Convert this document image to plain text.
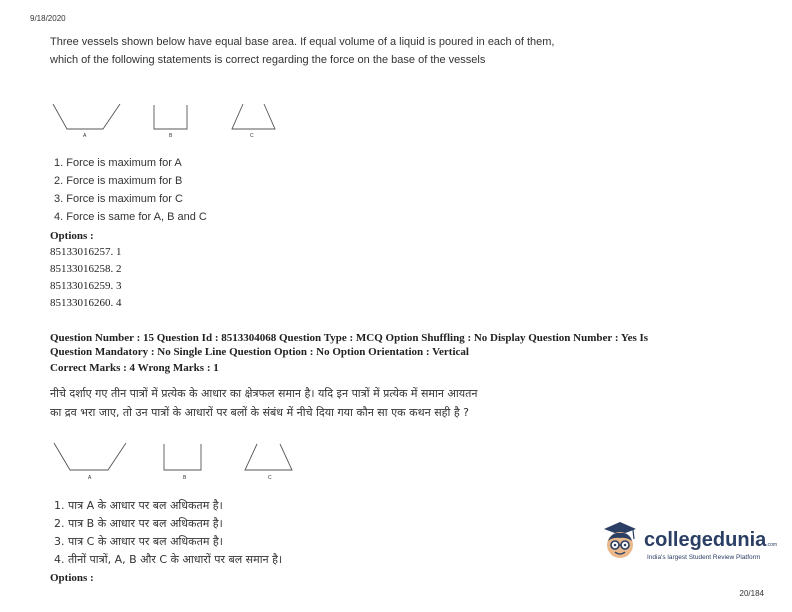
9/18/2020
Three vessels shown below have equal base area. If equal volume of a liquid is poured in each of them, which of the following statements is correct regarding the force on the base of the vessels
A	B	C
1. Force is maximum for A
2. Force is maximum for B
3. Force is maximum for C
4. Force is same for A, B and C
Options :
85133016257. 1
85133016258. 2
85133016259. 3
85133016260. 4
Question Number : 15 Question Id : 8513304068 Question Type : MCQ Option Shuffling : No Display Question Number : Yes Is
Question Mandatory : No Single Line Question Option : No Option Orientation : Vertical
Correct Marks : 4 Wrong Marks : 1
नीचे दर्शाए गए तीन पात्रों में प्रत्येक के आधार का क्षेत्रफल समान है। यदि इन पात्रों में प्रत्येक में समान आयतन
का द्रव भरा जाए, तो उन पात्रों के आधारों पर बलों के संबंध में नीचे दिया गया कौन सा एक कथन सही है ?
A	B	C
1. पात्र A के आधार पर बल अधिकतम है।
2. पात्र B के आधार पर बल अधिकतम है।
3. पात्र C के आधार पर बल अधिकतम है।
4. तीनों पात्रों, A, B और C के आधारों पर बल समान है।
Options :
collegedunia.com
India's largest Student Review Platform
20/184
